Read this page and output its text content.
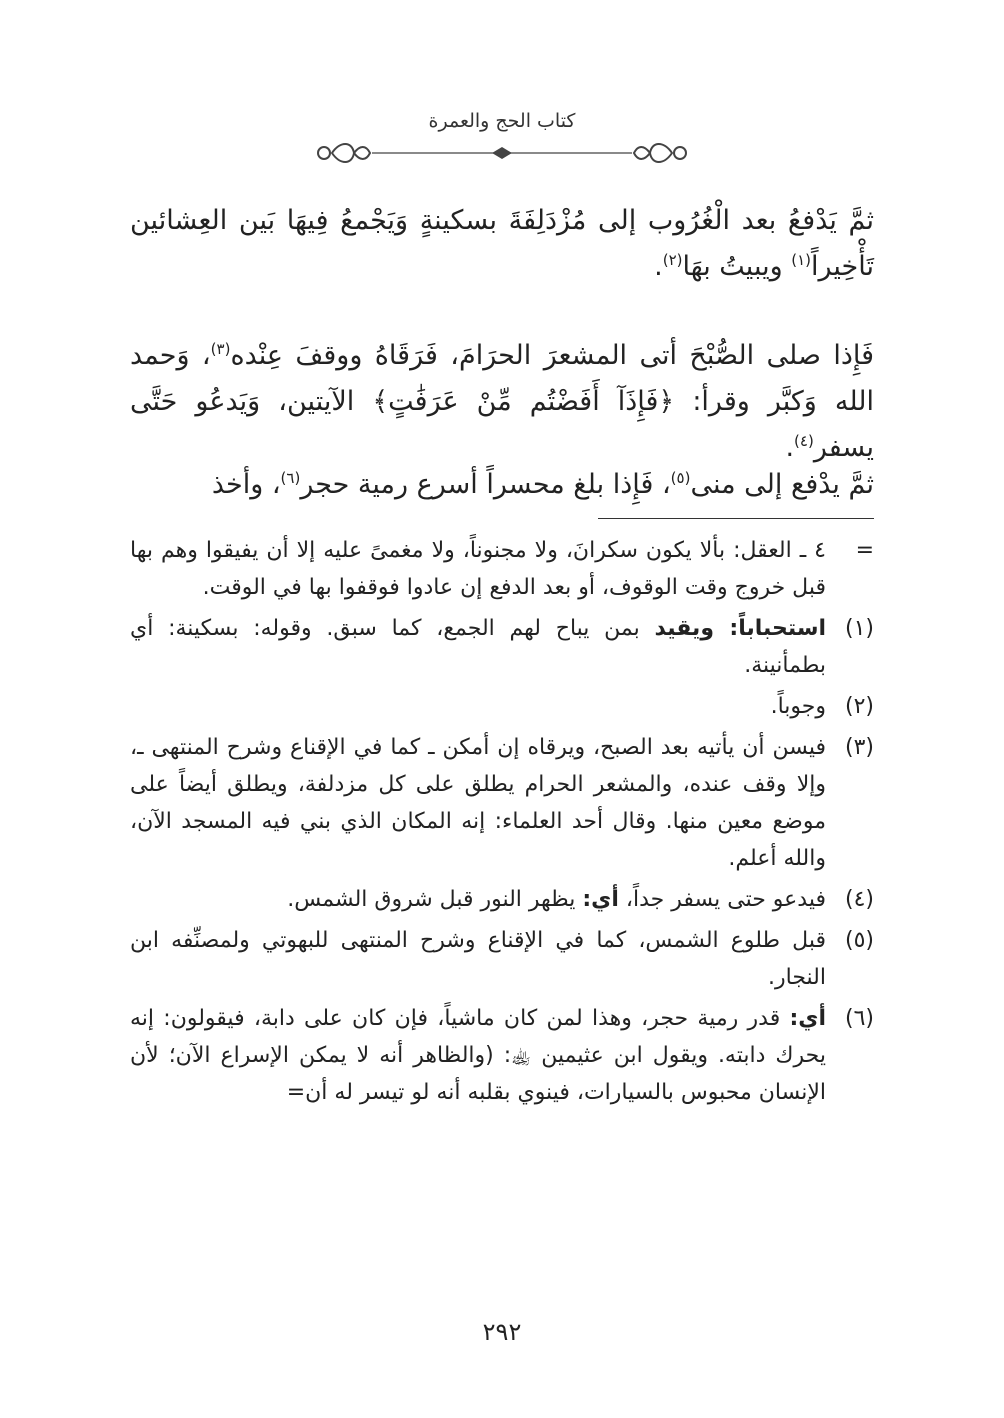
كتاب الحج والعمرة
ثمَّ يَدْفعُ بعد الْغُرُوب إلى مُزْدَلِفَةَ بسكينةٍ وَيَجْمعُ فِيهَا بَين العِشائين تَأْخِيراً$^{(١)}$ ويبيتُ بهَا$^{(٢)}$.
فَإِذا صلى الصُّبْحَ أتى المشعرَ الحرَامَ، فَرَقَاهُ ووقفَ عِنْده$^{(٣)}$، وَحمد الله وَكبَّر وقرأ: ﴿فَإِذَآ أَفَضْتُم مِّنْ عَرَفَٰتٍ﴾ الآيتين، وَيَدعُو حَتَّى يسفر$^{(٤)}$.
ثمَّ يدْفع إلى منى$^{(٥)}$، فَإِذا بلغ محسراً أسرع رمية حجر$^{(٦)}$، وأخذ
=
٤ ـ العقل: بألا يكون سكرانَ، ولا مجنوناً، ولا مغمىً عليه إلا أن يفيقوا وهم بها قبل خروج وقت الوقوف، أو بعد الدفع إن عادوا فوقفوا بها في الوقت.
(١)
استحباباً: ويقيد بمن يباح لهم الجمع، كما سبق. وقوله: بسكينة: أي بطمأنينة.
(٢)
وجوباً.
(٣)
فيسن أن يأتيه بعد الصبح، ويرقاه إن أمكن ـ كما في الإقناع وشرح المنتهى ـ، وإلا وقف عنده، والمشعر الحرام يطلق على كل مزدلفة، ويطلق أيضاً على موضع معين منها. وقال أحد العلماء: إنه المكان الذي بني فيه المسجد الآن، والله أعلم.
(٤)
فيدعو حتى يسفر جداً، أي: يظهر النور قبل شروق الشمس.
(٥)
قبل طلوع الشمس، كما في الإقناع وشرح المنتهى للبهوتي ولمصنِّفه ابن النجار.
(٦)
أي: قدر رمية حجر، وهذا لمن كان ماشياً، فإن كان على دابة، فيقولون: إنه يحرك دابته. ويقول ابن عثيمين ﵀: (والظاهر أنه لا يمكن الإسراع الآن؛ لأن الإنسان محبوس بالسيارات، فينوي بقلبه أنه لو تيسر له أن=
٢٩٢
